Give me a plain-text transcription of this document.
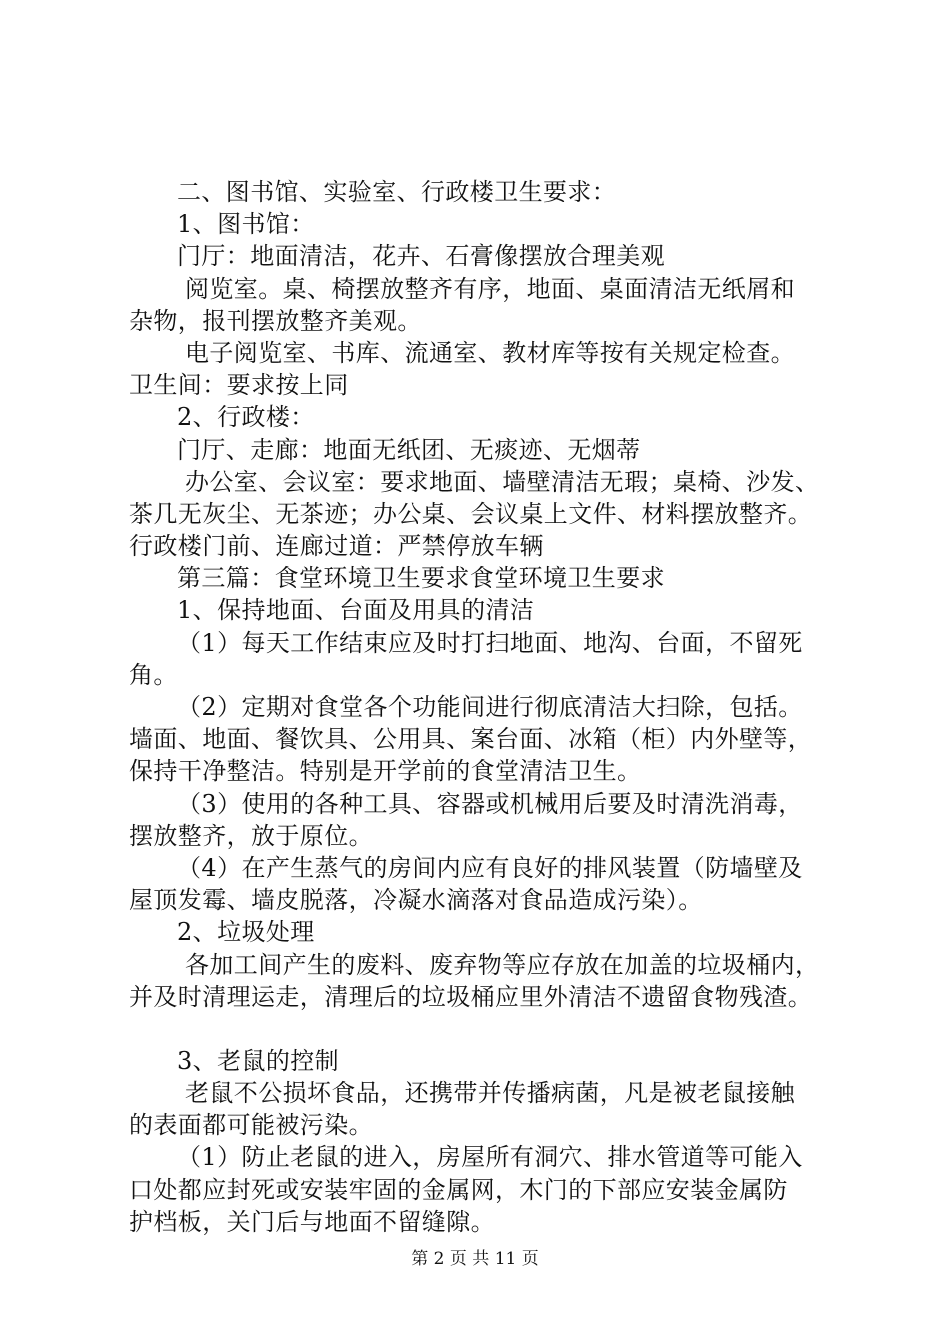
二、图书馆、实验室、行政楼卫生要求：
1、图书馆：
门厅：地面清洁，花卉、石膏像摆放合理美观
阅览室。桌、椅摆放整齐有序，地面、桌面清洁无纸屑和
杂物，报刊摆放整齐美观。
电子阅览室、书库、流通室、教材库等按有关规定检查。
卫生间：要求按上同
2、行政楼：
门厅、走廊：地面无纸团、无痰迹、无烟蒂
办公室、会议室：要求地面、墙壁清洁无瑕；桌椅、沙发、
茶几无灰尘、无茶迹；办公桌、会议桌上文件、材料摆放整齐。
行政楼门前、连廊过道：严禁停放车辆
第三篇：食堂环境卫生要求食堂环境卫生要求
1、保持地面、台面及用具的清洁
（1）每天工作结束应及时打扫地面、地沟、台面，不留死
角。
（2）定期对食堂各个功能间进行彻底清洁大扫除，包括。
墙面、地面、餐饮具、公用具、案台面、冰箱（柜）内外壁等，
保持干净整洁。特别是开学前的食堂清洁卫生。
（3）使用的各种工具、容器或机械用后要及时清洗消毒，
摆放整齐，放于原位。
（4）在产生蒸气的房间内应有良好的排风装置（防墙壁及
屋顶发霉、墙皮脱落，冷凝水滴落对食品造成污染）。
2、垃圾处理
各加工间产生的废料、废弃物等应存放在加盖的垃圾桶内，
并及时清理运走，清理后的垃圾桶应里外清洁不遗留食物残渣。
3、老鼠的控制
老鼠不公损坏食品，还携带并传播病菌，凡是被老鼠接触
的表面都可能被污染。
（1）防止老鼠的进入，房屋所有洞穴、排水管道等可能入
口处都应封死或安装牢固的金属网，木门的下部应安装金属防
护档板，关门后与地面不留缝隙。
第 2 页 共 11 页
